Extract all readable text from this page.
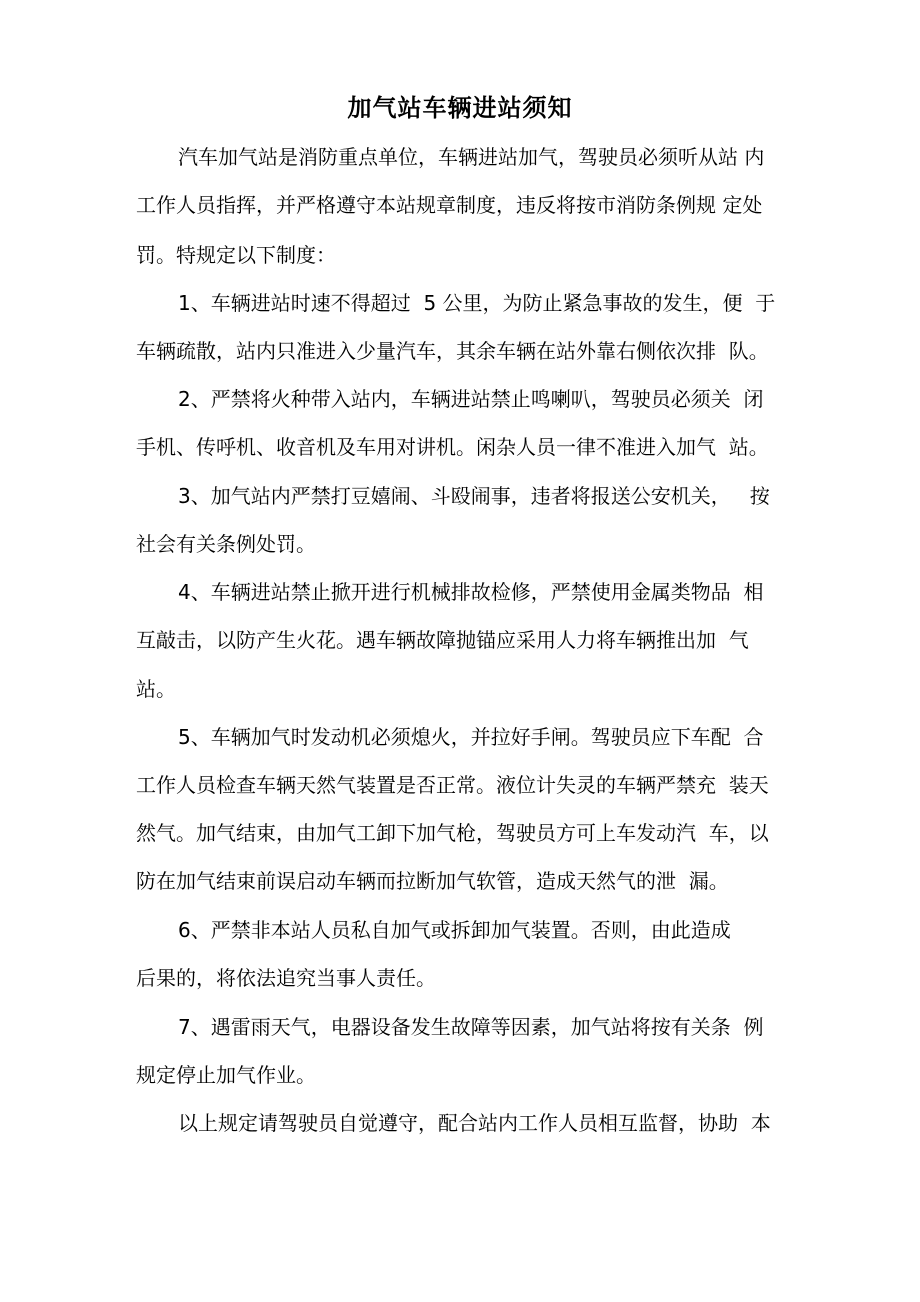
加气站车辆进站须知

汽车加气站是消防重点单位，车辆进站加气，驾驶员必须听从站 内

工作人员指挥，并严格遵守本站规章制度，违反将按市消防条例规 定处

罚。特规定以下制度：

1、车辆进站时速不得超过  5 公里，为防止紧急事故的发生，便  于

车辆疏散，站内只准进入少量汽车，其余车辆在站外靠右侧依次排  队。

2、严禁将火种带入站内，车辆进站禁止鸣喇叭，驾驶员必须关  闭

手机、传呼机、收音机及车用对讲机。闲杂人员一律不准进入加气  站。

3、加气站内严禁打豆嬉闹、斗殴闹事，违者将报送公安机关，   按

社会有关条例处罚。

4、车辆进站禁止掀开进行机械排故检修，严禁使用金属类物品  相

互敲击，以防产生火花。遇车辆故障抛锚应采用人力将车辆推出加  气

站。

5、车辆加气时发动机必须熄火，并拉好手闸。驾驶员应下车配  合

工作人员检查车辆天然气装置是否正常。液位计失灵的车辆严禁充  装天

然气。加气结束，由加气工卸下加气枪，驾驶员方可上车发动汽  车，以

防在加气结束前误启动车辆而拉断加气软管，造成天然气的泄  漏。

6、严禁非本站人员私自加气或拆卸加气装置。否则，由此造成

后果的，将依法追究当事人责任。

7、遇雷雨天气，电器设备发生故障等因素，加气站将按有关条  例

规定停止加气作业。

以上规定请驾驶员自觉遵守，配合站内工作人员相互监督，协助  本
